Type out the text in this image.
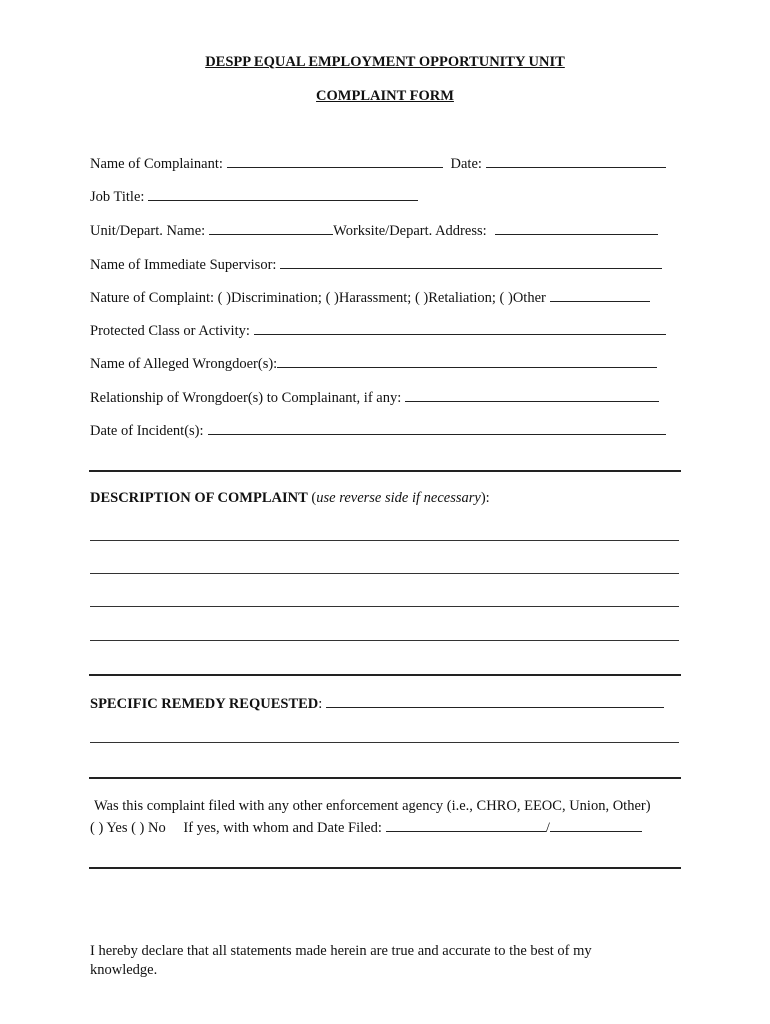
DESPP EQUAL EMPLOYMENT OPPORTUNITY UNIT
COMPLAINT FORM
Name of Complainant:	Date:
Job Title:
Unit/Depart. Name:	Worksite/Depart. Address:
Name of Immediate Supervisor:
Nature of Complaint: ( )Discrimination; ( )Harassment; ( )Retaliation; ( )Other
Protected Class or Activity:
Name of Alleged Wrongdoer(s):
Relationship of Wrongdoer(s) to Complainant, if any:
Date of Incident(s):
DESCRIPTION OF COMPLAINT (use reverse side if necessary):
SPECIFIC REMEDY REQUESTED:
Was this complaint filed with any other enforcement agency (i.e., CHRO, EEOC, Union, Other)
( ) Yes ( ) No If yes, with whom and Date Filed:	/
I hereby declare that all statements made herein are true and accurate to the best of my knowledge.
